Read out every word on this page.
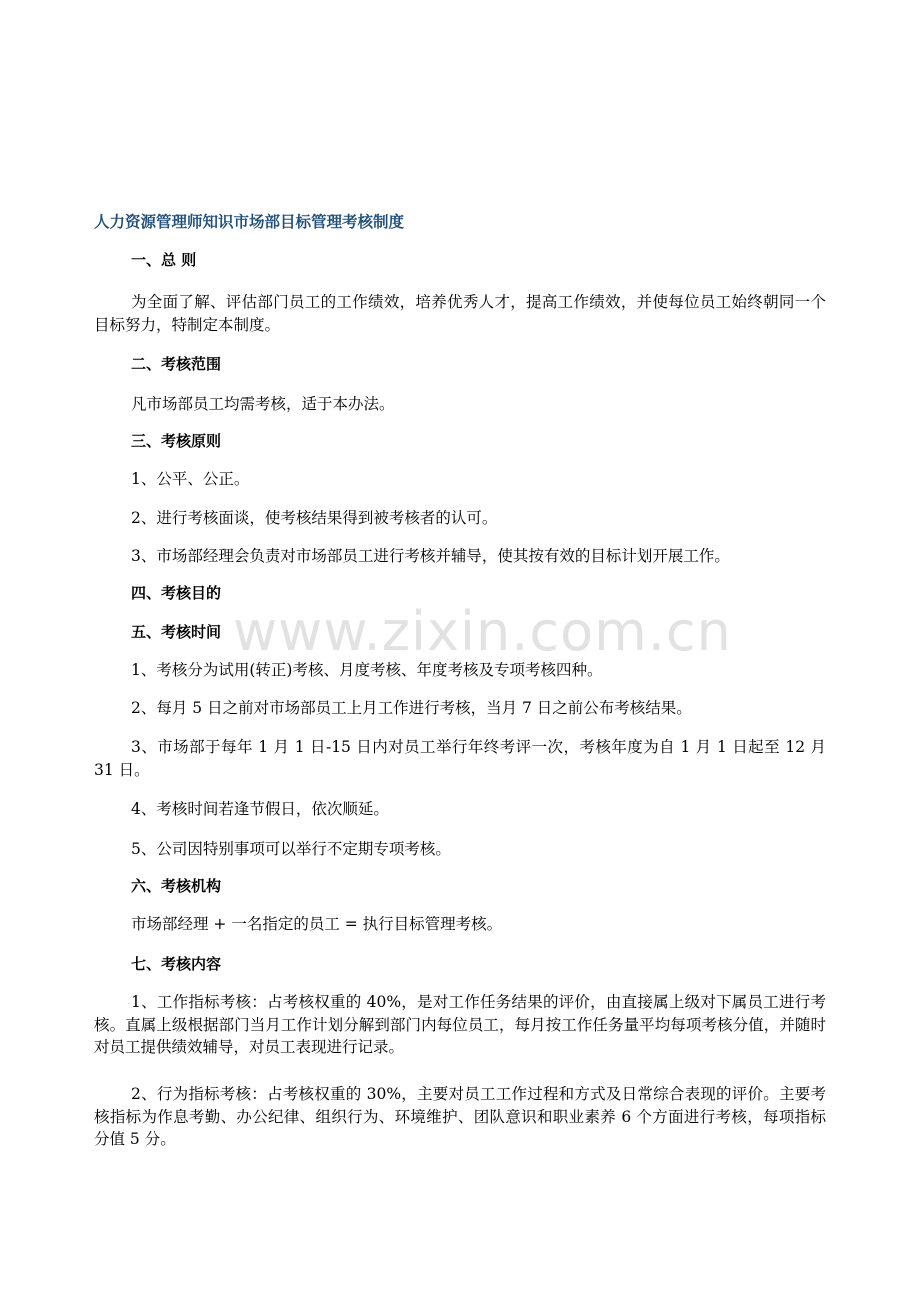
人力资源管理师知识市场部目标管理考核制度
一、总 则
为全面了解、评估部门员工的工作绩效，培养优秀人才，提高工作绩效，并使每位员工始终朝同一个目标努力，特制定本制度。
二、考核范围
凡市场部员工均需考核，适于本办法。
三、考核原则
1、公平、公正。
2、进行考核面谈，使考核结果得到被考核者的认可。
3、市场部经理会负责对市场部员工进行考核并辅导，使其按有效的目标计划开展工作。
四、考核目的
五、考核时间
1、考核分为试用(转正)考核、月度考核、年度考核及专项考核四种。
2、每月 5 日之前对市场部员工上月工作进行考核，当月 7 日之前公布考核结果。
3、市场部于每年 1 月 1 日-15 日内对员工举行年终考评一次，考核年度为自 1 月 1 日起至 12 月 31 日。
4、考核时间若逢节假日，依次顺延。
5、公司因特别事项可以举行不定期专项考核。
六、考核机构
市场部经理 + 一名指定的员工 = 执行目标管理考核。
七、考核内容
1、工作指标考核：占考核权重的 40%，是对工作任务结果的评价，由直接属上级对下属员工进行考核。直属上级根据部门当月工作计划分解到部门内每位员工，每月按工作任务量平均每项考核分值，并随时对员工提供绩效辅导，对员工表现进行记录。
2、行为指标考核：占考核权重的 30%，主要对员工工作过程和方式及日常综合表现的评价。主要考核指标为作息考勤、办公纪律、组织行为、环境维护、团队意识和职业素养 6 个方面进行考核，每项指标分值 5 分。
www.zixin.com.cn
